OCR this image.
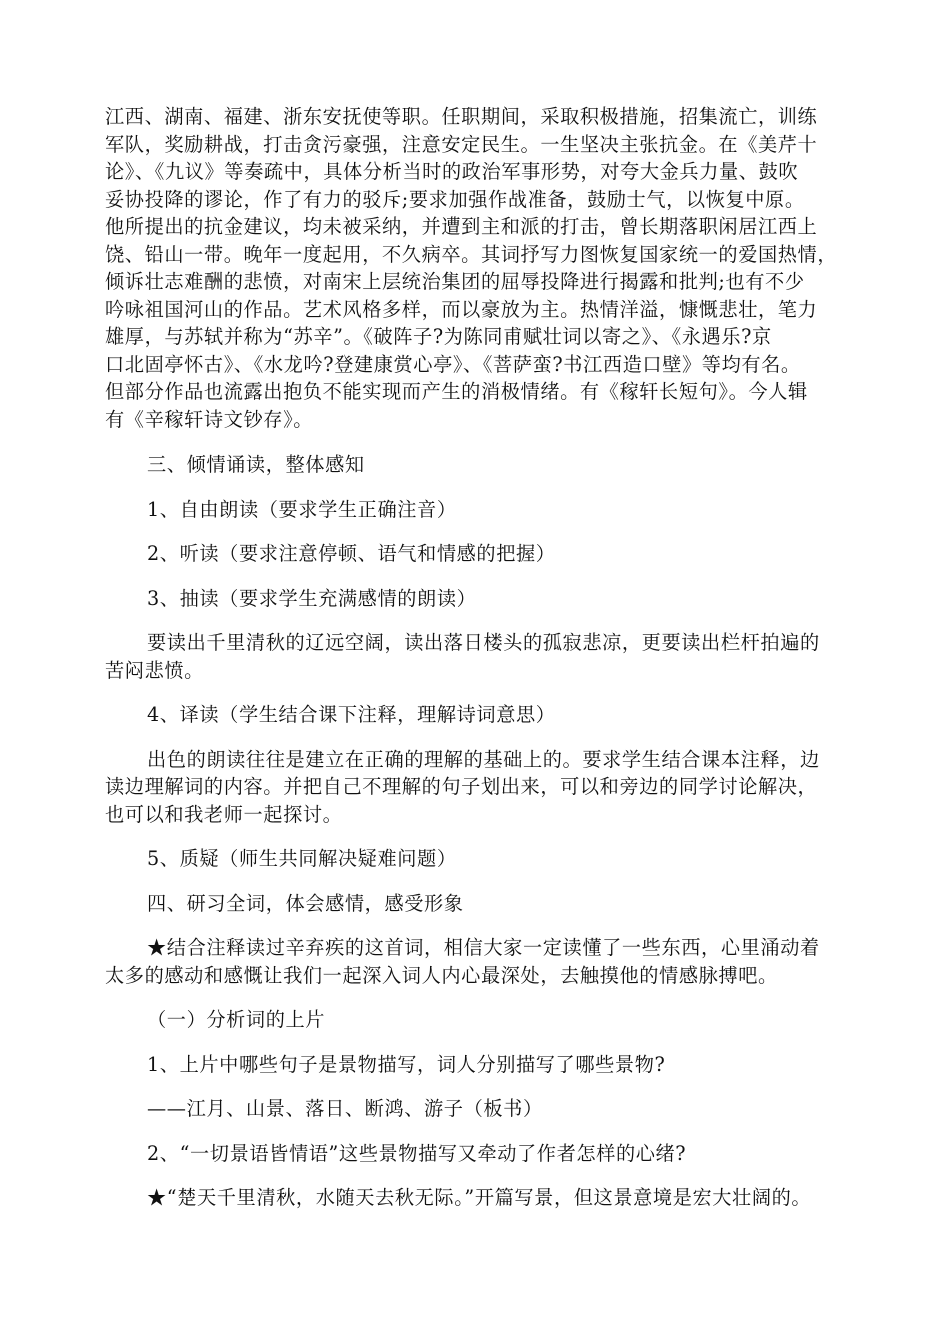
江西、湖南、福建、浙东安抚使等职。任职期间，采取积极措施，招集流亡，训练
军队，奖励耕战，打击贪污豪强，注意安定民生。一生坚决主张抗金。在《美芹十
论》、《九议》等奏疏中，具体分析当时的政治军事形势，对夸大金兵力量、鼓吹
妥协投降的谬论，作了有力的驳斥;要求加强作战准备，鼓励士气，以恢复中原。
他所提出的抗金建议，均未被采纳，并遭到主和派的打击，曾长期落职闲居江西上
饶、铅山一带。晚年一度起用，不久病卒。其词抒写力图恢复国家统一的爱国热情，
倾诉壮志难酬的悲愤，对南宋上层统治集团的屈辱投降进行揭露和批判;也有不少
吟咏祖国河山的作品。艺术风格多样，而以豪放为主。热情洋溢，慷慨悲壮，笔力
雄厚，与苏轼并称为“苏辛”。《破阵子?为陈同甫赋壮词以寄之》、《永遇乐?京
口北固亭怀古》、《水龙吟?登建康赏心亭》、《菩萨蛮?书江西造口壁》等均有名。
但部分作品也流露出抱负不能实现而产生的消极情绪。有《稼轩长短句》。今人辑
有《辛稼轩诗文钞存》。
三、倾情诵读，整体感知
1、自由朗读（要求学生正确注音）
2、听读（要求注意停顿、语气和情感的把握）
3、抽读（要求学生充满感情的朗读）
要读出千里清秋的辽远空阔，读出落日楼头的孤寂悲凉，更要读出栏杆拍遍的
苦闷悲愤。
4、译读（学生结合课下注释，理解诗词意思）
出色的朗读往往是建立在正确的理解的基础上的。要求学生结合课本注释，边
读边理解词的内容。并把自己不理解的句子划出来，可以和旁边的同学讨论解决，
也可以和我老师一起探讨。
5、质疑（师生共同解决疑难问题）
四、研习全词，体会感情，感受形象
★结合注释读过辛弃疾的这首词，相信大家一定读懂了一些东西，心里涌动着
太多的感动和感慨让我们一起深入词人内心最深处，去触摸他的情感脉搏吧。
（一）分析词的上片
1、上片中哪些句子是景物描写，词人分别描写了哪些景物?
——江月、山景、落日、断鸿、游子（板书）
2、“一切景语皆情语”这些景物描写又牵动了作者怎样的心绪?
★“楚天千里清秋，水随天去秋无际。”开篇写景，但这景意境是宏大壮阔的。
